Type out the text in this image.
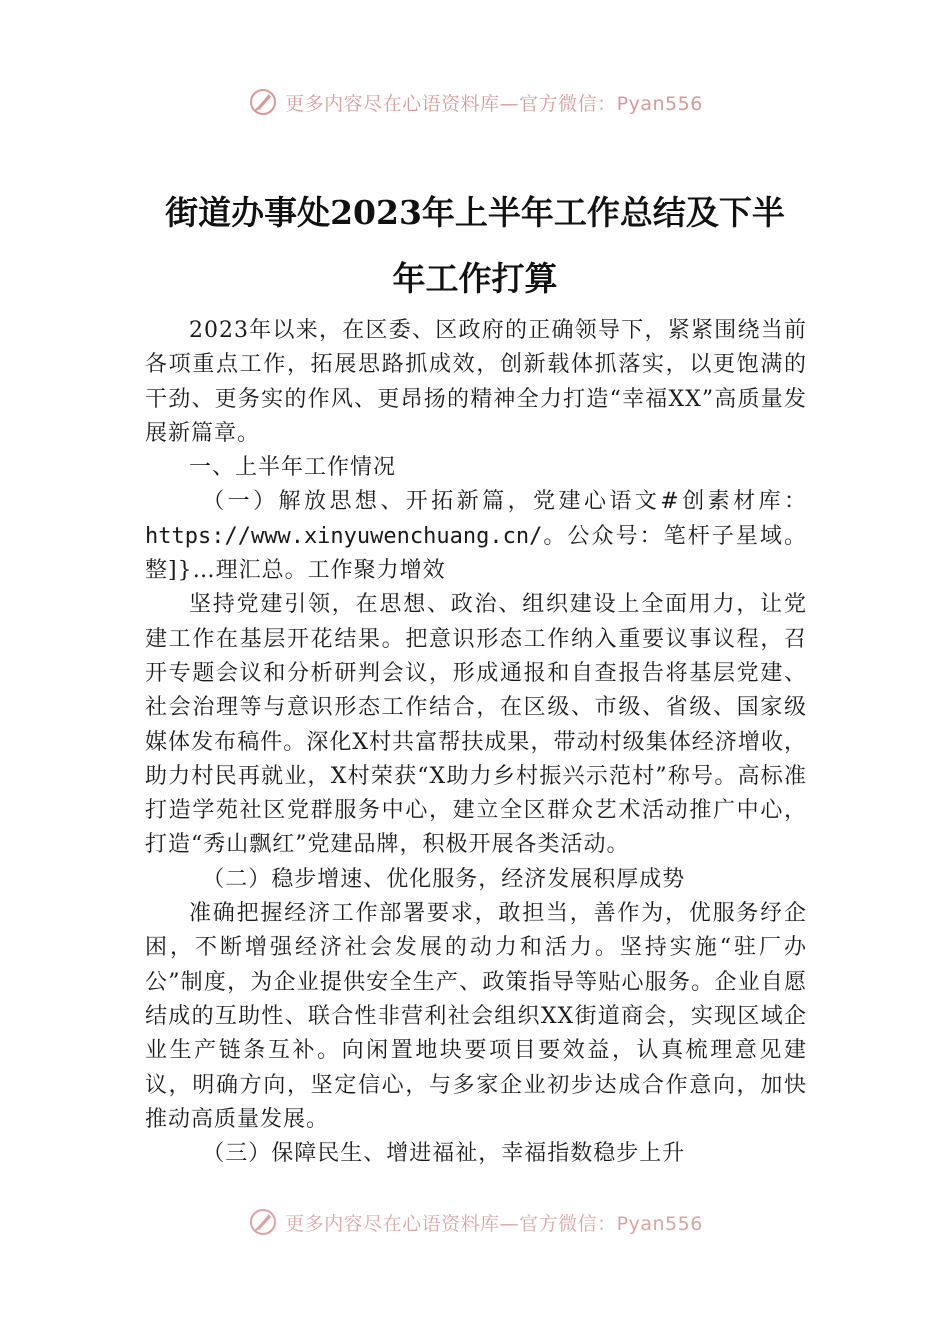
更多内容尽在心语资料库—官方微信：Pyan556
街道办事处2023年上半年工作总结及下半
年工作打算

2023年以来，在区委、区政府的正确领导下，紧紧围绕当前各项重点工作，拓展思路抓成效，创新载体抓落实，以更饱满的干劲、更务实的作风、更昂扬的精神全力打造“幸福XX”高质量发展新篇章。

一、上半年工作情况

（一）解放思想、开拓新篇，党建心语文#创素材库：https://www.xinyuwenchuang.cn/。公众号：笔杆子星域。整]}…理汇总。工作聚力增效

坚持党建引领，在思想、政治、组织建设上全面用力，让党建工作在基层开花结果。把意识形态工作纳入重要议事议程，召开专题会议和分析研判会议，形成通报和自查报告将基层党建、社会治理等与意识形态工作结合，在区级、市级、省级、国家级媒体发布稿件。深化X村共富帮扶成果，带动村级集体经济增收，助力村民再就业，X村荣获“X助力乡村振兴示范村”称号。高标准打造学苑社区党群服务中心，建立全区群众艺术活动推广中心，打造“秀山飘红”党建品牌，积极开展各类活动。

（二）稳步增速、优化服务，经济发展积厚成势

准确把握经济工作部署要求，敢担当，善作为，优服务纾企困，不断增强经济社会发展的动力和活力。坚持实施“驻厂办公”制度，为企业提供安全生产、政策指导等贴心服务。企业自愿结成的互助性、联合性非营利社会组织XX街道商会，实现区域企业生产链条互补。向闲置地块要项目要效益，认真梳理意见建议，明确方向，坚定信心，与多家企业初步达成合作意向，加快推动高质量发展。

（三）保障民生、增进福祉，幸福指数稳步上升

更多内容尽在心语资料库—官方微信：Pyan556
